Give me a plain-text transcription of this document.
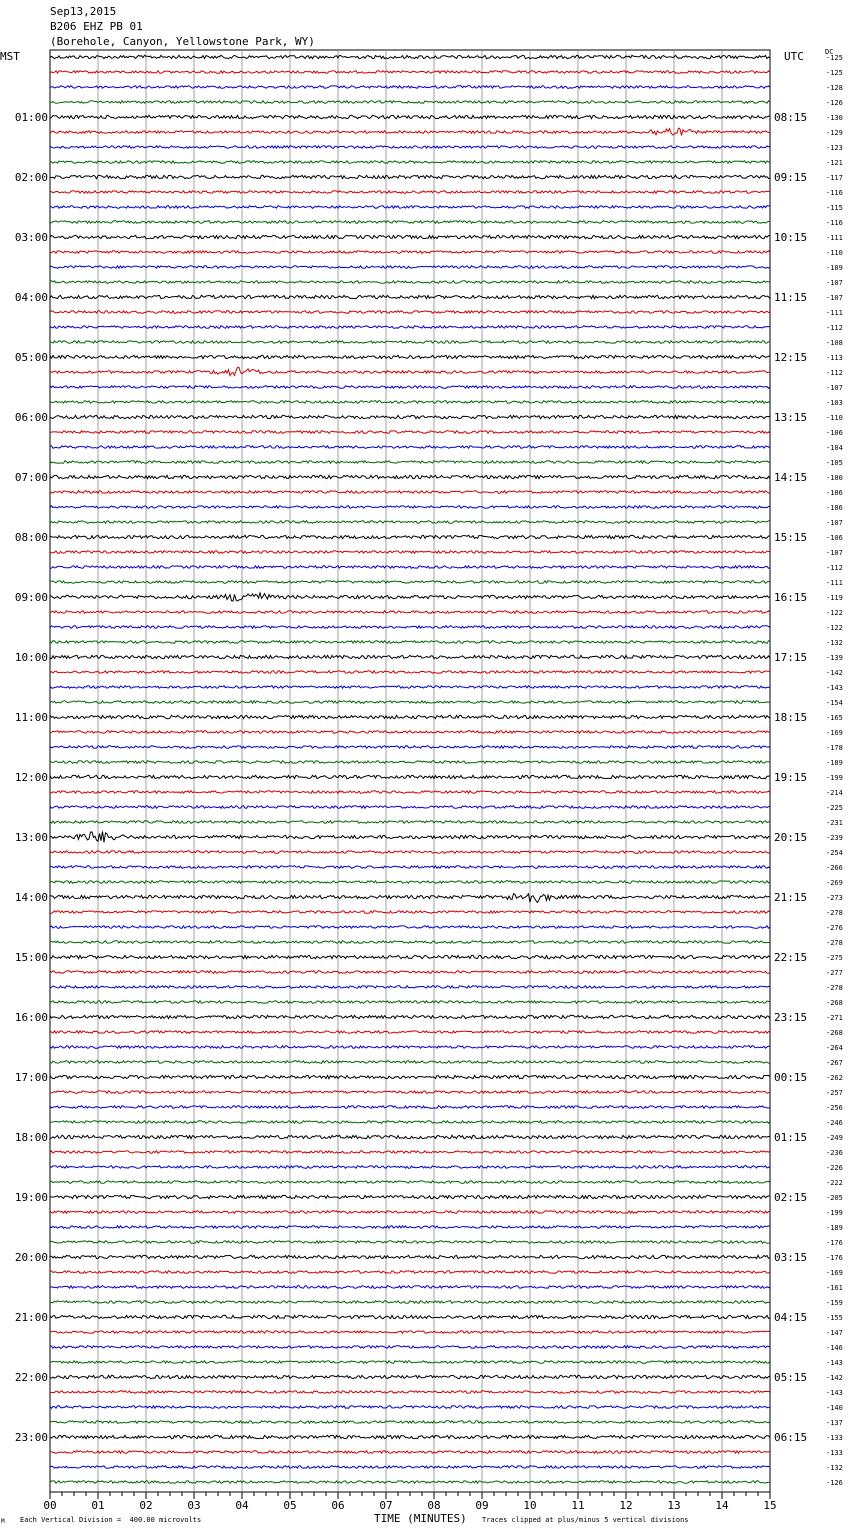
Sep13,2015
B206 EHZ PB 01
(Borehole, Canyon, Yellowstone Park, WY)
MST	UTC	DC
-125
-125
-128
-126
-130
01:00	08:15
-129
-123
-121
-117
02:00	09:15
-116
-115
-116
-111
03:00	10:15
-110
-109
-107
-107
04:00	11:15
-111
-112
-108
-113
05:00	12:15
-112
-107
-103
-110
06:00	13:15
-106
-104
-105
-100
07:00	14:15
-106
-106
-107
-106
08:00	15:15
-107
-112
-111
-119
09:00	16:15
-122
-122
-132
-139
10:00	17:15
-142
-143
-154
-165
11:00	18:15
-169
-178
-189
-199
12:00	19:15
-214
-225
-231
-239
13:00	20:15
-254
-266
-269
-273
14:00	21:15
-278
-276
-278
-275
15:00	22:15
-277
-278
-268
-271
16:00	23:15
-268
-264
-267
-262
17:00	00:15
-257
-256
-246
-249
18:00	01:15
-236
-226
-222
-205
19:00	02:15
-199
-189
-176
-176
20:00	03:15
-169
-161
-159
-155
21:00	04:15
-147
-146
-143
-142
22:00	05:15
-143
-140
-137
-133
23:00	06:15
-133
-132
-126
00	01	02	03	04	05	06	07	08	09	10	11	12	13	14	15
TIME (MINUTES)
M Each Vertical Division =  400.00 microvolts	Traces clipped at plus/minus 5 vertical divisions
